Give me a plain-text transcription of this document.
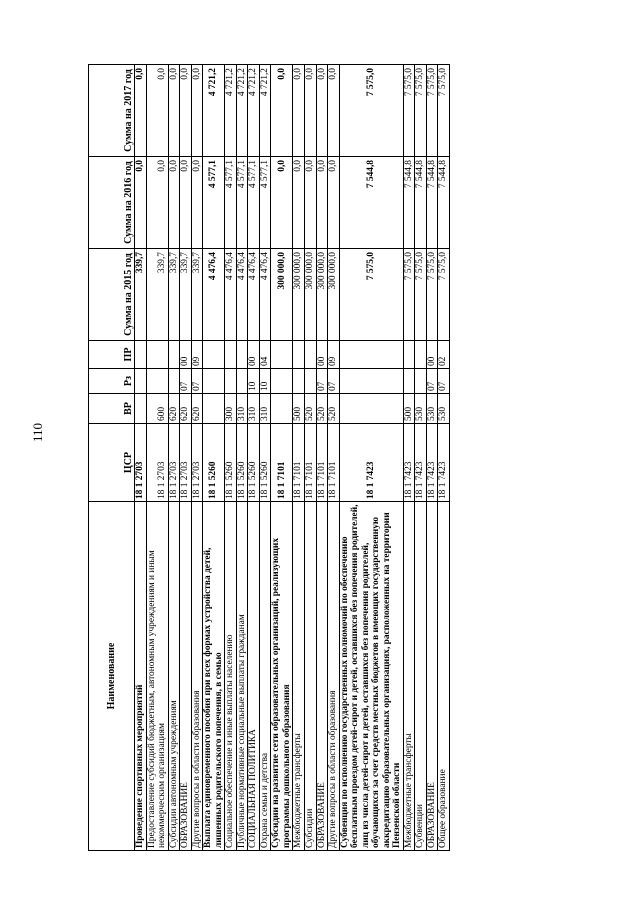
110
Наименование	ЦСР	ВР	Рз	ПР	Сумма на 2015 год	Сумма на 2016 год	Сумма на 2017 год
Проведение спортивных мероприятий	18 1 2703				339,7	0,0	0,0
Предоставление субсидий бюджетным, автономным учреждениям и иным некоммерческим организациям	18 1 2703	600			339,7	0,0	0,0
Субсидии автономным учреждениям	18 1 2703	620			339,7	0,0	0,0
ОБРАЗОВАНИЕ	18 1 2703	620	07	00	339,7	0,0	0,0
Другие вопросы в области образования	18 1 2703	620	07	09	339,7	0,0	0,0
Выплата единовременного пособия при всех формах устройства детей, лишенных родительского попечения, в семью	18 1 5260				4 476,4	4 577,1	4 721,2
Социальное обеспечение и иные выплаты населению	18 1 5260	300			4 476,4	4 577,1	4 721,2
Публичные нормативные социальные выплаты гражданам	18 1 5260	310			4 476,4	4 577,1	4 721,2
СОЦИАЛЬНАЯ ПОЛИТИКА	18 1 5260	310	10	00	4 476,4	4 577,1	4 721,2
Охрана семьи и детства	18 1 5260	310	10	04	4 476,4	4 577,1	4 721,2
Субсидии на развитие сети образовательных организаций, реализующих программы дошкольного образования	18 1 7101				300 000,0	0,0	0,0
Межбюджетные трансферты	18 1 7101	500			300 000,0	0,0	0,0
Субсидии	18 1 7101	520			300 000,0	0,0	0,0
ОБРАЗОВАНИЕ	18 1 7101	520	07	00	300 000,0	0,0	0,0
Другие вопросы в области образования	18 1 7101	520	07	09	300 000,0	0,0	0,0
Субвенция по исполнению государственных полномочий по обеспечению бесплатным проездом детей-сирот и детей, оставшихся без попечения родителей, лиц из числа детей-сирот и детей, оставшихся без попечения родителей, обучающихся за счет средств местных бюджетов в имеющих государственную аккредитацию образовательных организациях, расположенных на территории Пензенской области	18 1 7423				7 575,0	7 544,8	7 575,0
Межбюджетные трансферты	18 1 7423	500			7 575,0	7 544,8	7 575,0
Субвенции	18 1 7423	530			7 575,0	7 544,8	7 575,0
ОБРАЗОВАНИЕ	18 1 7423	530	07	00	7 575,0	7 544,8	7 575,0
Общее образование	18 1 7423	530	07	02	7 575,0	7 544,8	7 575,0
